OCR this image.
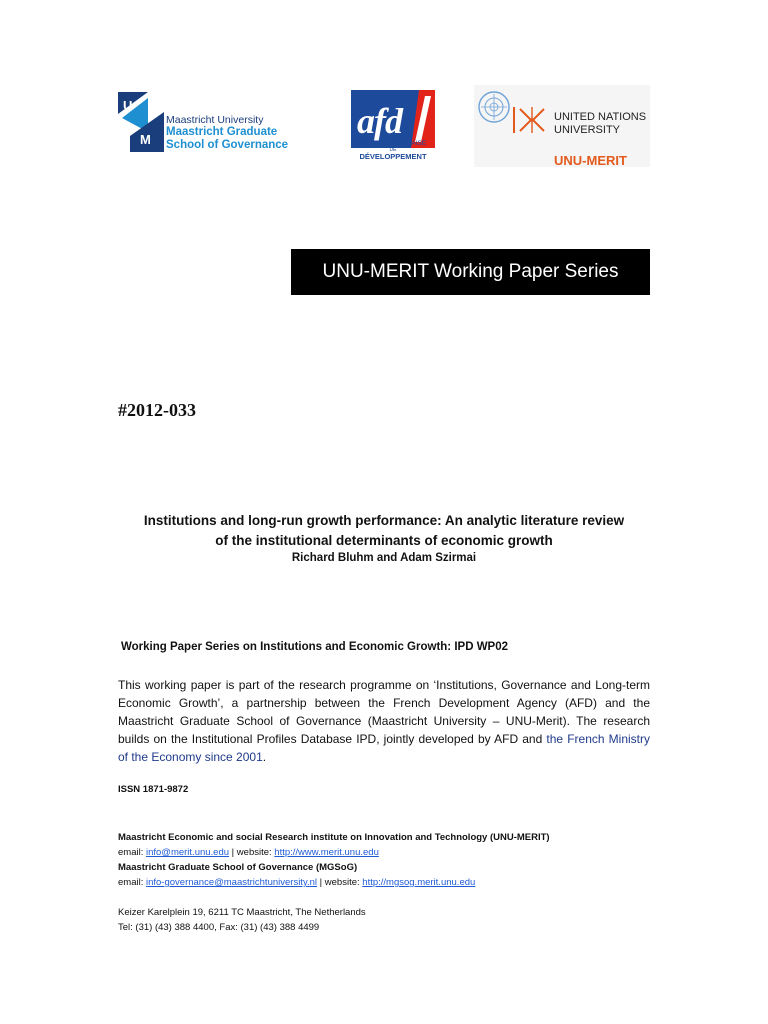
U
M
Maastricht University
Maastricht Graduate
School of Governance
afd
AGENCE FRANÇAISE
DE
DÉVELOPPEMENT
UNITED NATIONS
UNIVERSITY
UNU-MERIT
UNU-MERIT Working Paper Series
#2012-033
Institutions and long-run growth performance: An analytic literature review
of the institutional determinants of economic growth
Richard Bluhm and Adam Szirmai
Working Paper Series on Institutions and Economic Growth: IPD WP02
This working paper is part of the research programme on ‘Institutions, Governance and Long-term Economic Growth’, a partnership between the French Development Agency (AFD) and the Maastricht Graduate School of Governance (Maastricht University – UNU-Merit). The research builds on the Institutional Profiles Database IPD, jointly developed by AFD and the French Ministry of the Economy since 2001.
ISSN 1871-9872
Maastricht Economic and social Research institute on Innovation and Technology (UNU-MERIT)
email: info@merit.unu.edu | website: http://www.merit.unu.edu
Maastricht Graduate School of Governance (MGSoG)
email: info-governance@maastrichtuniversity.nl | website: http://mgsog.merit.unu.edu
Keizer Karelplein 19, 6211 TC Maastricht, The Netherlands
Tel: (31) (43) 388 4400, Fax: (31) (43) 388 4499
